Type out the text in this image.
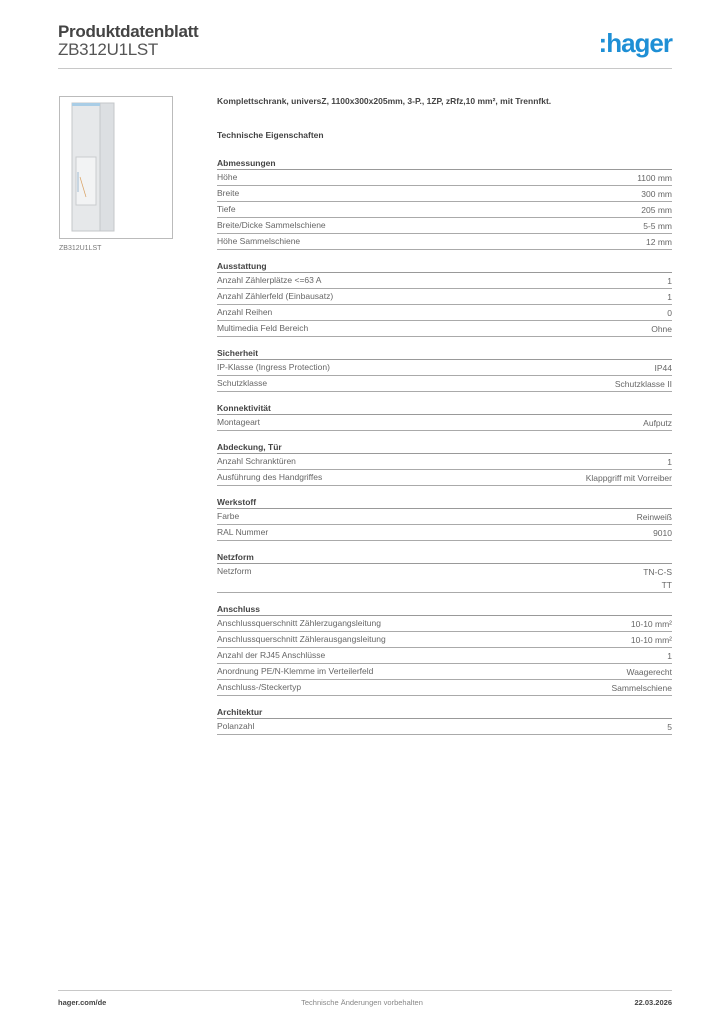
Produktdatenblatt
ZB312U1LST	:hager
ZB312U1LST
Komplettschrank, universZ, 1100x300x205mm, 3-P., 1ZP, zRfz,10 mm², mit Trennfkt.
Technische Eigenschaften
Abmessungen
Höhe	1100 mm
Breite	300 mm
Tiefe	205 mm
Breite/Dicke Sammelschiene	5-5 mm
Höhe Sammelschiene	12 mm
Ausstattung
Anzahl Zählerplätze <=63 A	1
Anzahl Zählerfeld (Einbausatz)	1
Anzahl Reihen	0
Multimedia Feld Bereich	Ohne
Sicherheit
IP-Klasse (Ingress Protection)	IP44
Schutzklasse	Schutzklasse II
Konnektivität
Montageart	Aufputz
Abdeckung, Tür
Anzahl Schranktüren	1
Ausführung des Handgriffes	Klappgriff mit Vorreiber
Werkstoff
Farbe	Reinweiß
RAL Nummer	9010
Netzform
Netzform	TN-C-S
TT
Anschluss
Anschlussquerschnitt Zählerzugangsleitung	10-10 mm²
Anschlussquerschnitt Zählerausgangsleitung	10-10 mm²
Anzahl der RJ45 Anschlüsse	1
Anordnung PE/N-Klemme im Verteilerfeld	Waagerecht
Anschluss-/Steckertyp	Sammelschiene
Architektur
Polanzahl	5
hager.com/de	Technische Änderungen vorbehalten	22.03.2026
